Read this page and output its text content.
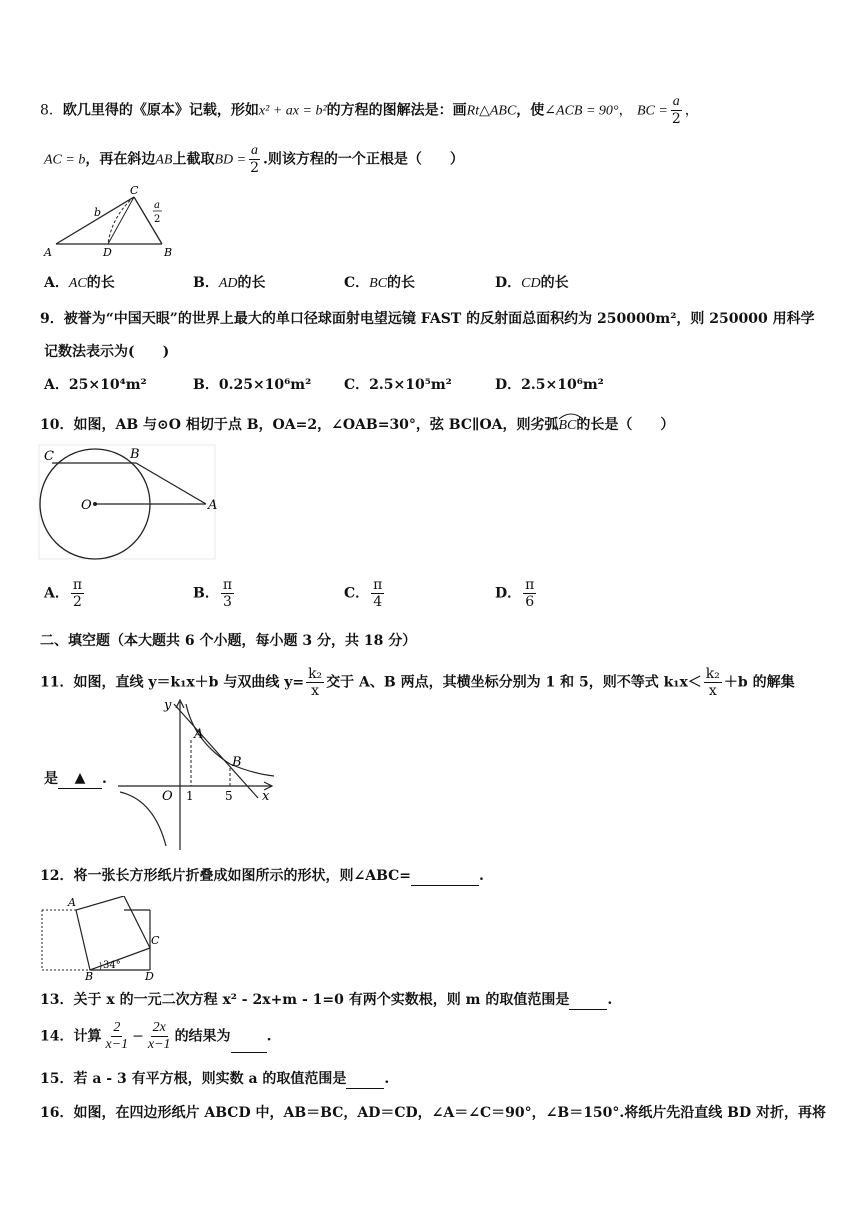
8．欧几里得的《原本》记载，形如x² + ax = b²的方程的图解法是：画Rt△ABC，使∠ACB = 90°， BC = $\frac{a}{2}$ ，
AC = b，再在斜边AB上截取BD = $\frac{a}{2}$ .则该方程的一个正根是（　　）
C
b
a
2
A	D	B
A．AC的长	B．AD的长	C．BC的长	D．CD的长
9．被誉为“中国天眼”的世界上最大的单口径球面射电望远镜 FAST 的反射面总面积约为 250000m²，则 250000 用科学
记数法表示为(　　)
A．25×10⁴m²	B．0.25×10⁶m² C．2.5×10⁵m²	D．2.5×10⁶m²
10．如图，AB 与⊙O 相切于点 B，OA=2，∠OAB=30°，弦 BC∥OA，则劣弧
BC的长是（　　）
C	B
O	A
A． $\frac{\pi}{2}$	B． $\frac{\pi}{3}$	C． $\frac{\pi}{4}$	D． $\frac{\pi}{6}$
二、填空题（本大题共 6 个小题，每小题 3 分，共 18 分）
11．如图，直线 y＝k₁x＋b 与双曲线 $y= \frac{\text{k₂}}{x}$ 交于 A、B 两点，其横坐标分别为 1 和 5，则不等式 $k_1x< \frac{\text{k₂}}{x} +b$ 的解集
是 ▲ .
y
A
B
O 1	5 x
12．将一张长方形纸片折叠成如图所示的形状，则∠ABC=	.
A
C
B
34°
D
13．关于 x 的一元二次方程 x² - 2x+m - 1=0 有两个实数根，则 m 的取值范围是	.
14．计算 $\frac{2}{x-1} - \frac{2x}{x-1}$ 的结果为	.
15．若 a - 3 有平方根，则实数 a 的取值范围是	.
16．如图，在四边形纸片 ABCD 中，AB＝BC，AD＝CD，∠A＝∠C＝90°，∠B＝150°.将纸片先沿直线 BD 对折，再将
